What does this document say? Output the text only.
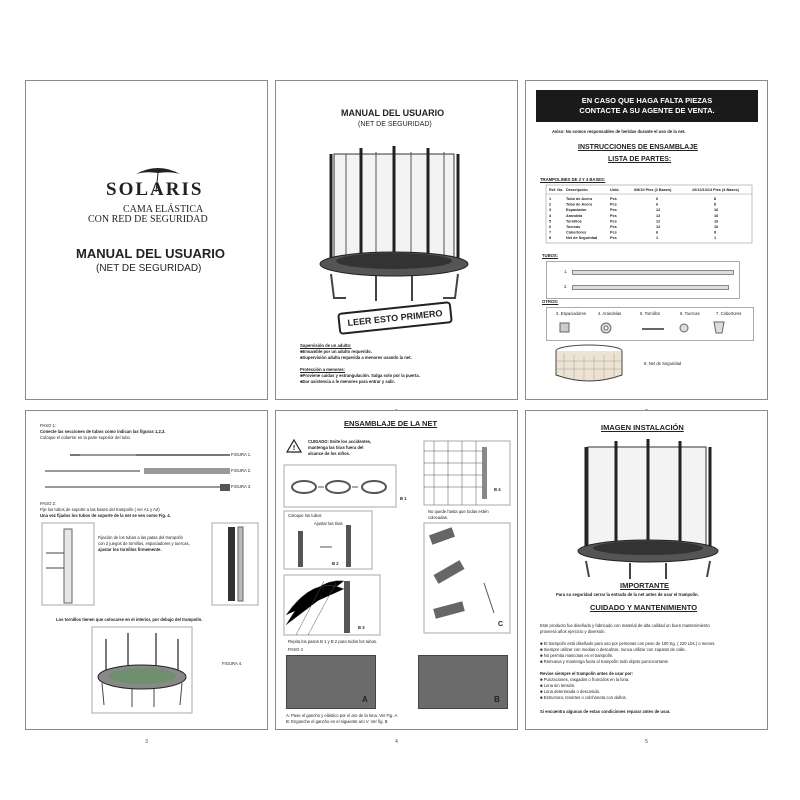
SOLARIS
CAMA ELÁSTICA
CON RED DE SEGURIDAD
MANUAL DEL USUARIO
(NET DE SEGURIDAD)
MANUAL DEL USUARIO
(NET DE SEGURIDAD)
LEER ESTO PRIMERO
Supervisión de un adulto:
■Ensamble por un adulto requerido.
■Supervisión adulta requerida a menores usando la net.
Protección a menores:
■Proviene caídas y estrangulación. Salga solo por la puerta.
■Dar asistencia a le menores para entrar y salir.
EN CASO QUE HAGA FALTA PIEZAS
CONTACTE A SU AGENTE DE VENTA.
Aviso: No somos responsables de heridas durante el uso de la net.
INSTRUCCIONES DE ENSAMBLAJE
LISTA DE PARTES:
TRAMPOLINES DE 3 Y 4 BASES:
Ref. No. Descripción	Unid.	6/8/10 Pies (2 Bases)	10/12/13/14 Pies (4 Bases)
1	Tubo de Acero	Pcs	6	8
2	Tubo de Acero	Pcs	6	8
3	Espaciador	Pcs	12	16
4	Arandela	Pcs	12	16
5	Tornillos	Pcs	12	16
6	Tuercas	Pcs	12	16
7	Cobertores	Pcs	6	8
8	Net de Seguridad	Pcs	1	1
TUBOS:
1.
2.
OTROS:
3. Espaciadores	4. Arandelas	5. Tornillos	6. Tuercas	7. Cobertores
8. Net de Seguridad
PASO 1:
Conecte las secciones de tubos como indican las figuras 1,2,3.
Coloque el cobertor en la parte superior del tubo.
FIGURA 1.
FIGURA 2.
FIGURA 3.
PASO 2:
Fije los tubos de soporte a las bases del trampolín ( ver A1 y A2)
Una vez fijados los tubos de soporte de la net se ven como Fig. 4.
Fijación de los tubos a las patas del trampolín
con 2 juegos de tornillos, espaciadores y tuercas,
ajustar los tornillos firmemente.
Los tornillos tienen que colocarse en el interior, por debajo del trampolín.
FIGURA 4.
3
ENSAMBLAJE DE LA NET
!
CUIDADO: Evite los accidentes,
mantenga las tiras fuera del
alcance de los niños.
B 1
B 4
Coloque los tubos
Ajustar las tiras
B 2
No quede hasta que todas estén
colocadas.
C
B 3	C
Repita los pasos B 1 y B 2 para todos los tubos.
PASO 4
A	B
A: Pase el gancho y elástico por el aro de la lona. Ver Fig. A
B: Enganche el gancho en el siguiente aro V. Ver fig. B
4
IMAGEN INSTALACIÓN
IMPORTANTE
Para su seguridad cerrar la entrada de la net antes de usar el trampolín.
CUIDADO Y MANTENIMIENTO
Este producto fue diseñado y fabricado con material de alta calidad un buen mantenimiento
proveerá años ejercicio y diversión.
■ El trampolín está diseñado para uso por personas con peso de 100 Kg. ( 220 Lbs.) o menos.
■ Siempre utilizar con medias o descalzos, nunca utilizar con zapatos de calle.
■ No permita mascotas en el trampolín.
■ Remueva y mantenga fuera el trampolín todo objeto punzocortante.
Revise siempre el trampolín antes de usar por:
■ Punzaciones, rasgados o fruncidos en la lona.
■ Lona sin tensión.
■ Lona deteriorada o descosida.
■ Estructura, resortes o colchoneta con daños.
Si encuentra algunas de estas condiciones reparar antes de usar.
5
